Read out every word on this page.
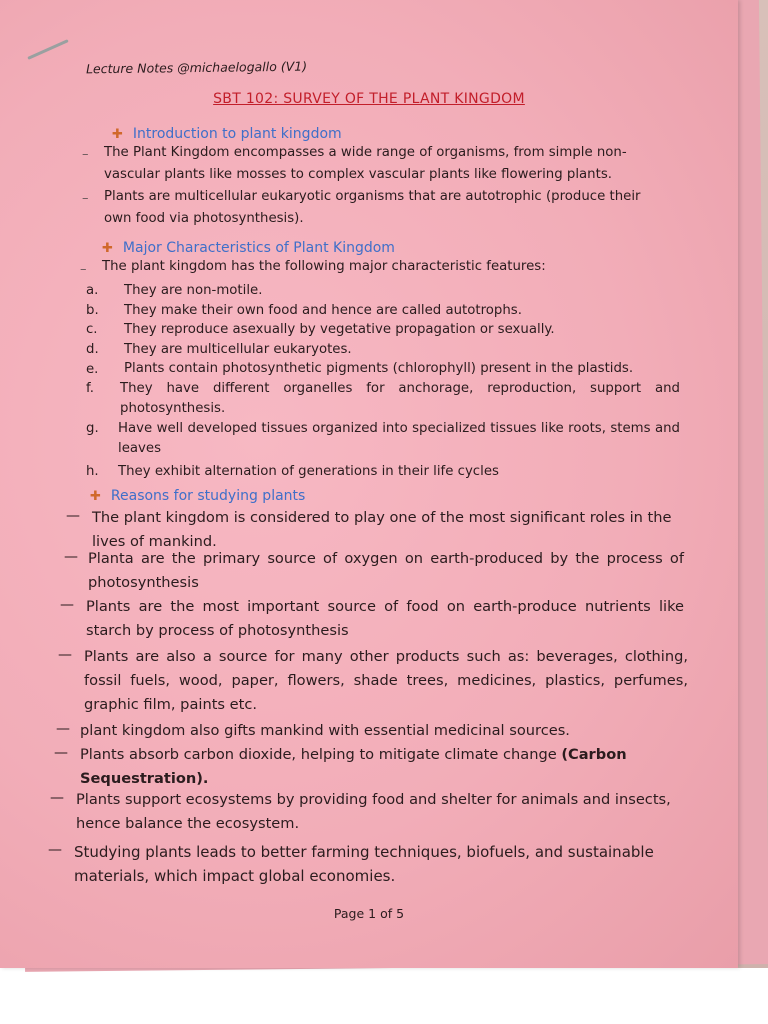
Lecture Notes @michaelogallo (V1)
SBT 102: SURVEY OF THE PLANT KINGDOM
✚ Introduction to plant kingdom
– The Plant Kingdom encompasses a wide range of organisms, from simple non-vascular plants like mosses to complex vascular plants like flowering plants.
– Plants are multicellular eukaryotic organisms that are autotrophic (produce their own food via photosynthesis).
✚ Major Characteristics of Plant Kingdom
– The plant kingdom has the following major characteristic features:
a. They are non-motile.
b. They make their own food and hence are called autotrophs.
c. They reproduce asexually by vegetative propagation or sexually.
d. They are multicellular eukaryotes.
e. Plants contain photosynthetic pigments (chlorophyll) present in the plastids.
f. They have different organelles for anchorage, reproduction, support and photosynthesis.
g. Have well developed tissues organized into specialized tissues like roots, stems and leaves
h. They exhibit alternation of generations in their life cycles
✚ Reasons for studying plants
— The plant kingdom is considered to play one of the most significant roles in the lives of mankind.
— Planta are the primary source of oxygen on earth-produced by the process of photosynthesis
— Plants are the most important source of food on earth-produce nutrients like starch by process of photosynthesis
— Plants are also a source for many other products such as: beverages, clothing, fossil fuels, wood, paper, flowers, shade trees, medicines, plastics, perfumes, graphic film, paints etc.
— plant kingdom also gifts mankind with essential medicinal sources.
— Plants absorb carbon dioxide, helping to mitigate climate change (Carbon Sequestration).
— Plants support ecosystems by providing food and shelter for animals and insects, hence balance the ecosystem.
— Studying plants leads to better farming techniques, biofuels, and sustainable materials, which impact global economies.
Page 1 of 5
